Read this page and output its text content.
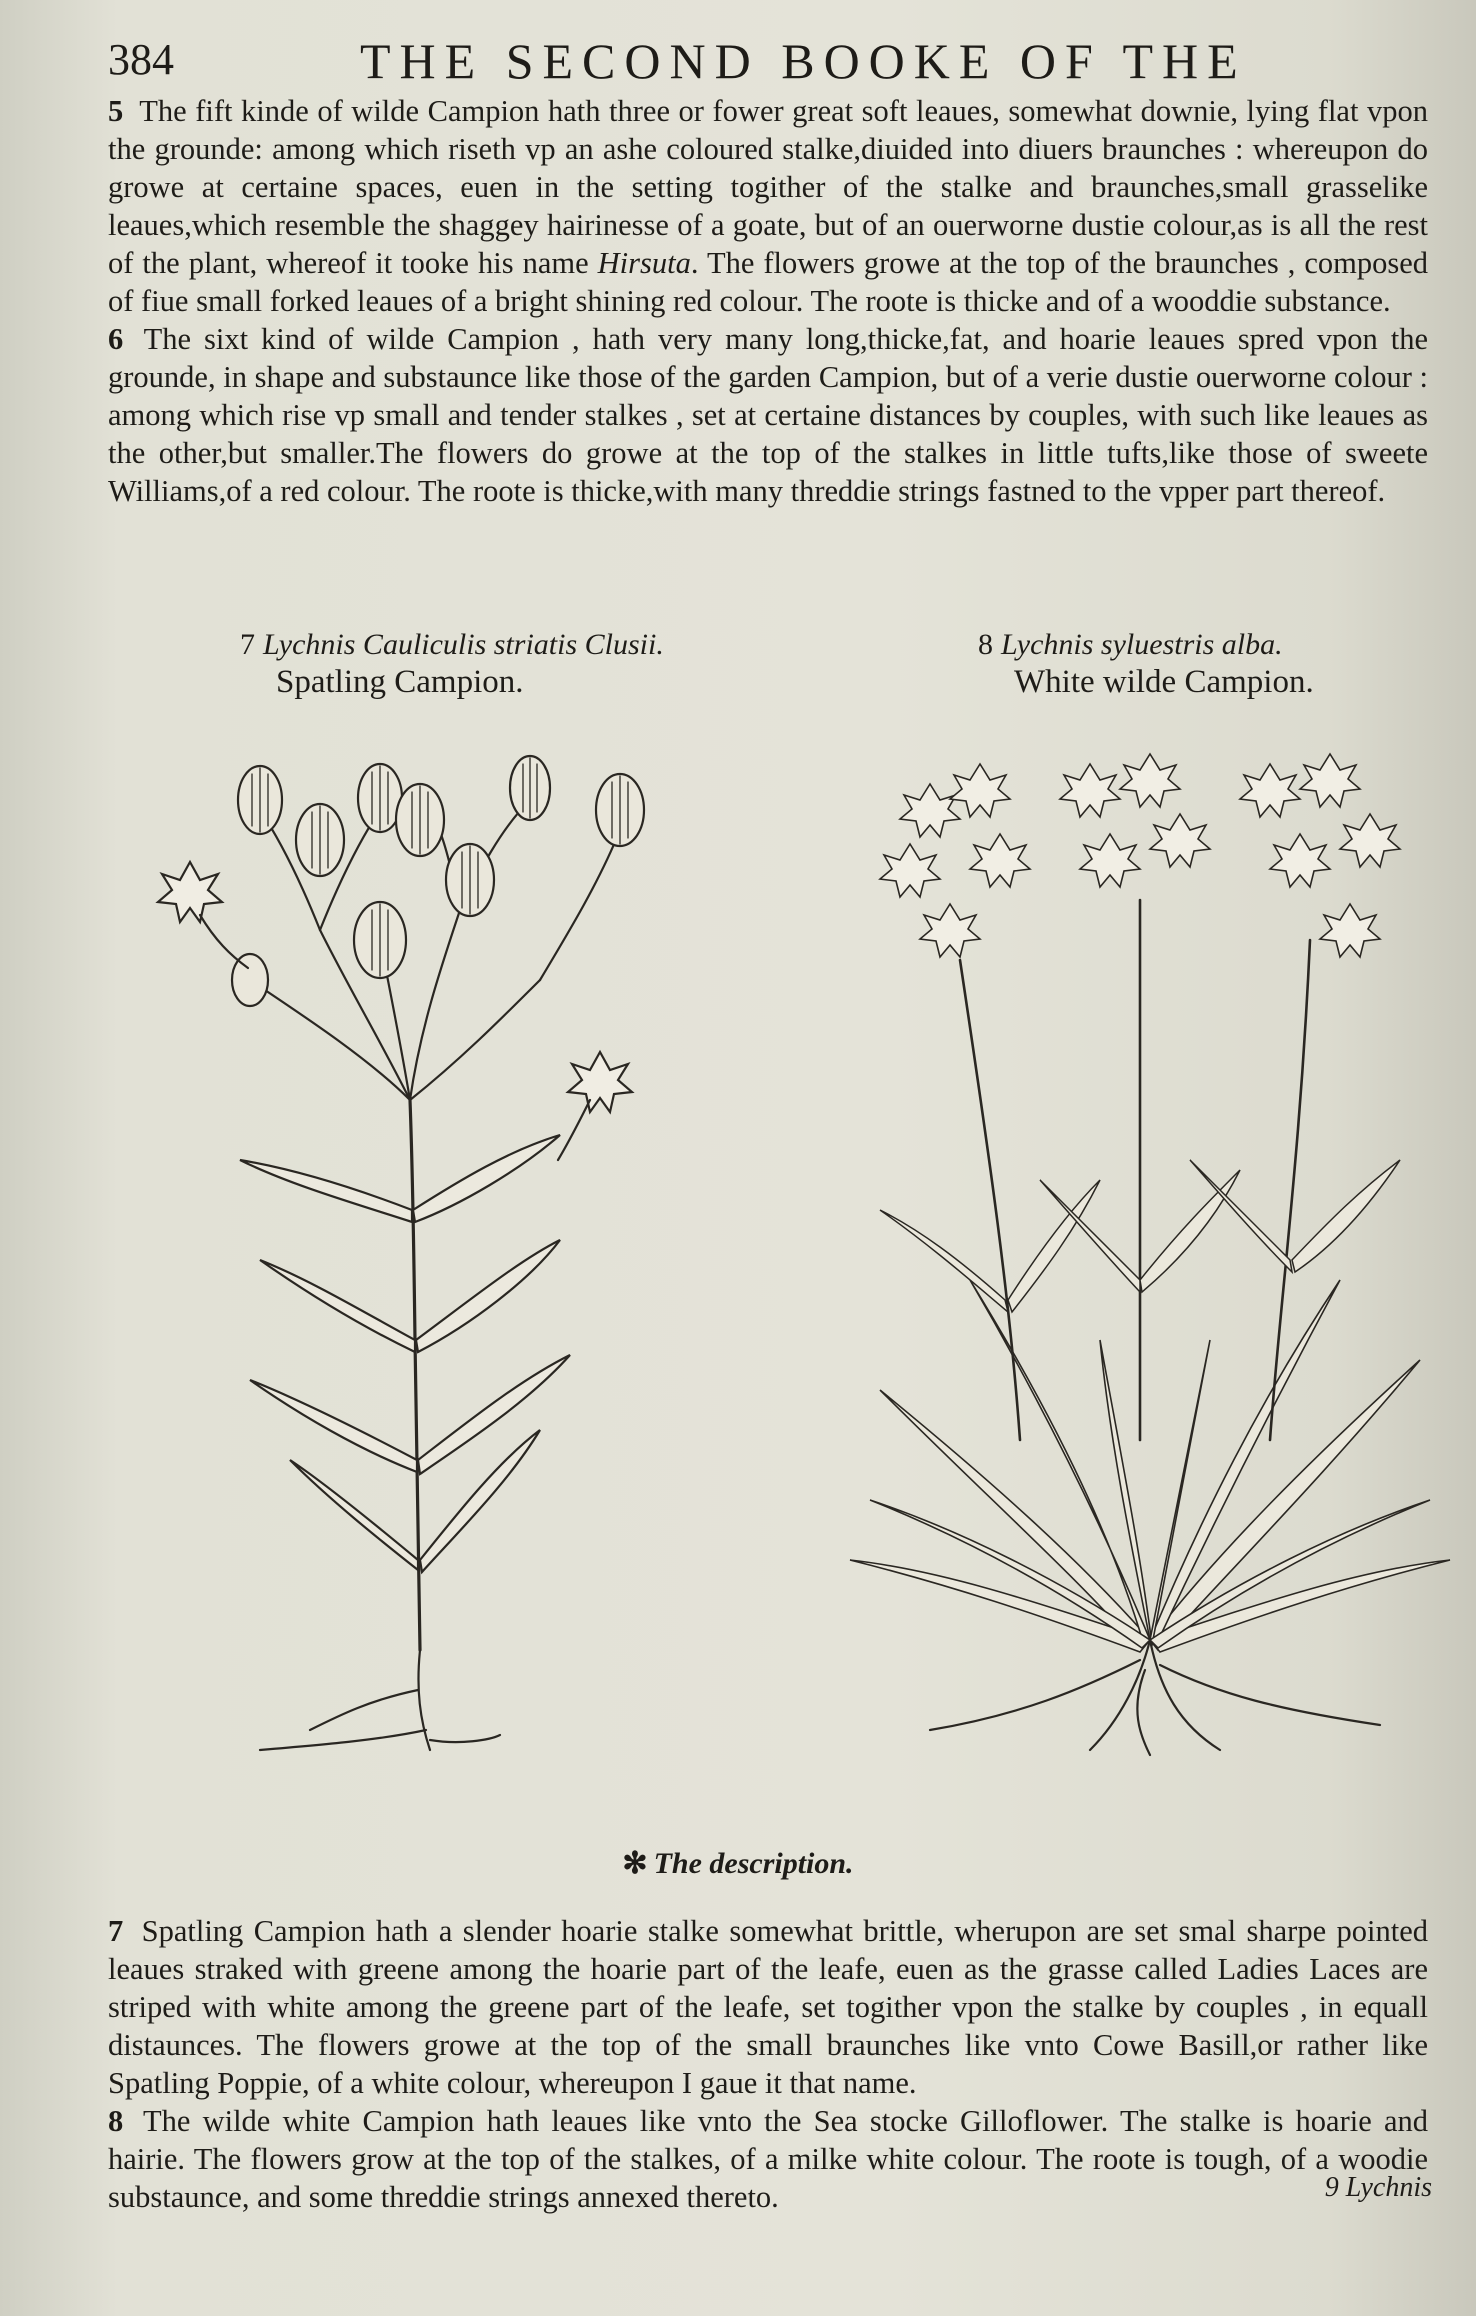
384	THE SECOND BOOKE OF THE

5 The fift kinde of wilde Campion hath three or fower great soft leaues, somewhat downie, lying flat vpon the grounde: among which riseth vp an ashe coloured stalke,diuided into diuers braunches : whereupon do growe at certaine spaces, euen in the setting togither of the stalke and braunches,small grasselike leaues,which resemble the shaggey hairinesse of a goate, but of an ouerworne dustie colour,as is all the rest of the plant, whereof it tooke his name Hirsuta. The flowers growe at the top of the braunches , composed of fiue small forked leaues of a bright shining red colour. The roote is thicke and of a wooddie substance.

6 The sixt kind of wilde Campion , hath very many long,thicke,fat, and hoarie leaues spred vpon the grounde, in shape and substaunce like those of the garden Campion, but of a verie dustie ouerworne colour : among which rise vp small and tender stalkes , set at certaine distances by couples, with such like leaues as the other,but smaller.The flowers do growe at the top of the stalkes in little tufts,like those of sweete Williams,of a red colour. The roote is thicke,with many threddie strings fastned to the vpper part thereof.

7 Lychnis Cauliculis striatis Clusii.
Spatling Campion.
8 Lychnis syluestris alba.
White wilde Campion.
✻ The description.

7 Spatling Campion hath a slender hoarie stalke somewhat brittle, wherupon are set smal sharpe pointed leaues straked with greene among the hoarie part of the leafe, euen as the grasse called Ladies Laces are striped with white among the greene part of the leafe, set togither vpon the stalke by couples , in equall distaunces. The flowers growe at the top of the small braunches like vnto Cowe Basill,or rather like Spatling Poppie, of a white colour, whereupon I gaue it that name.

8 The wilde white Campion hath leaues like vnto the Sea stocke Gilloflower. The stalke is hoarie and hairie. The flowers grow at the top of the stalkes, of a milke white colour. The roote is tough, of a woodie substaunce, and some threddie strings annexed thereto.	9 Lychnis
